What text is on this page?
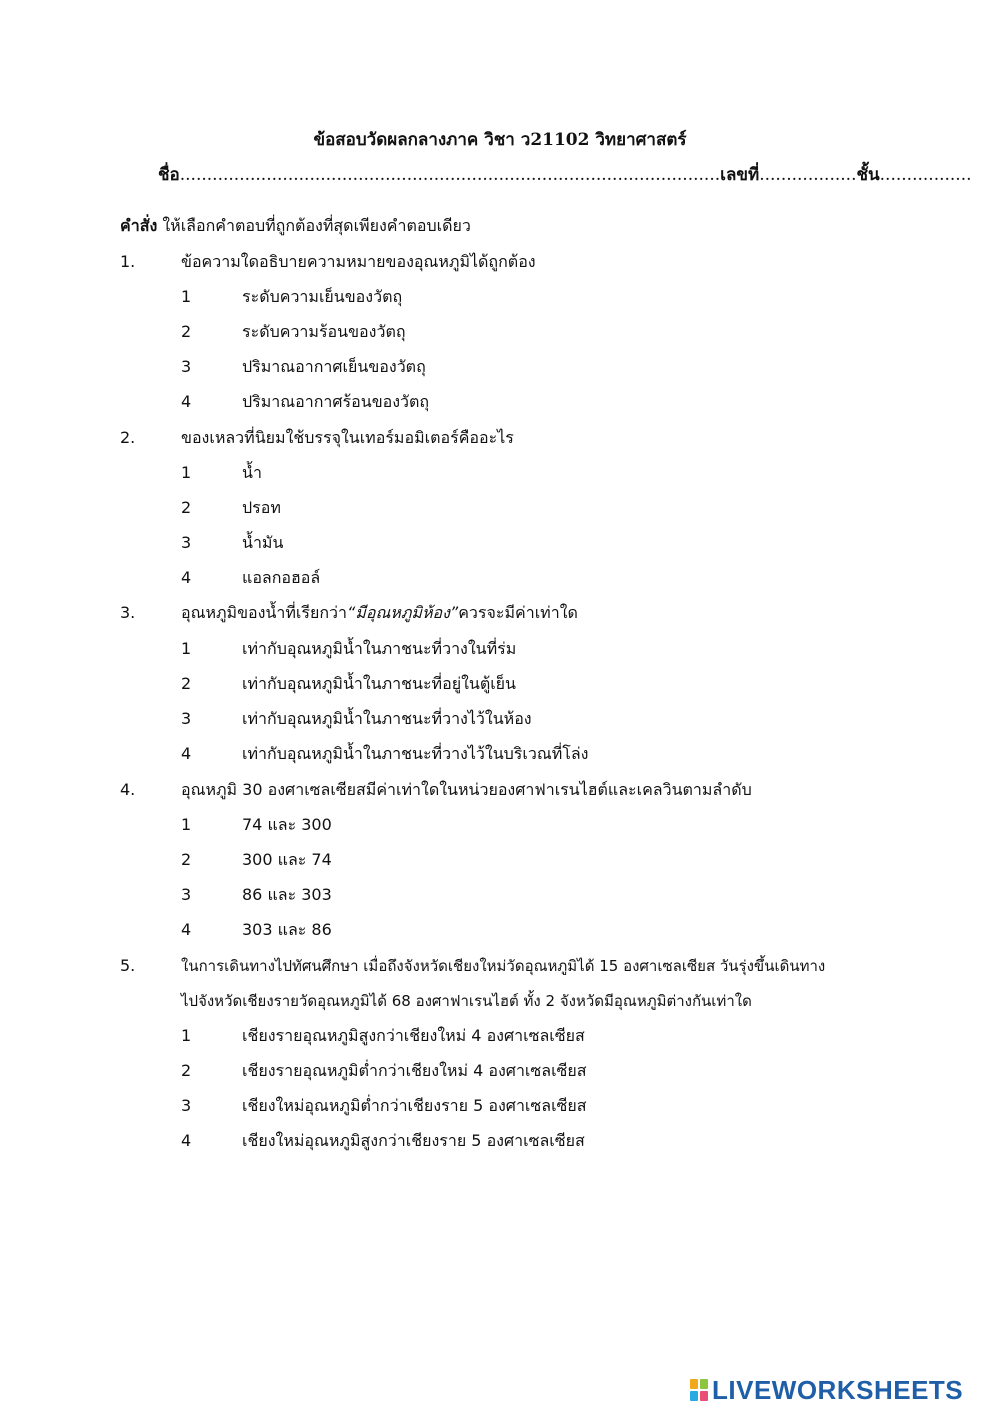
ข้อสอบวัดผลกลางภาค วิชา ว21102 วิทยาศาสตร์
ชื่อ....................................................................................................เลขที่..................ชั้น.................
คำสั่ง ให้เลือกคำตอบที่ถูกต้องที่สุดเพียงคำตอบเดียว
1.	ข้อความใดอธิบายความหมายของอุณหภูมิได้ถูกต้อง
1	ระดับความเย็นของวัตถุ
2	ระดับความร้อนของวัตถุ
3	ปริมาณอากาศเย็นของวัตถุ
4	ปริมาณอากาศร้อนของวัตถุ
2.	ของเหลวที่นิยมใช้บรรจุในเทอร์มอมิเตอร์คืออะไร
1	น้ำ
2	ปรอท
3	น้ำมัน
4	แอลกอฮอล์
3.	อุณหภูมิของน้ำที่เรียกว่า“มีอุณหภูมิห้อง”ควรจะมีค่าเท่าใด
1	เท่ากับอุณหภูมิน้ำในภาชนะที่วางในที่ร่ม
2	เท่ากับอุณหภูมิน้ำในภาชนะที่อยู่ในตู้เย็น
3	เท่ากับอุณหภูมิน้ำในภาชนะที่วางไว้ในห้อง
4	เท่ากับอุณหภูมิน้ำในภาชนะที่วางไว้ในบริเวณที่โล่ง
4.	อุณหภูมิ 30 องศาเซลเซียสมีค่าเท่าใดในหน่วยองศาฟาเรนไฮต์และเคลวินตามลำดับ
1	74 และ 300
2	300 และ 74
3	86 และ 303
4	303 และ 86
5.	ในการเดินทางไปทัศนศึกษา เมื่อถึงจังหวัดเชียงใหม่วัดอุณหภูมิได้ 15 องศาเซลเซียส วันรุ่งขึ้นเดินทาง
ไปจังหวัดเชียงรายวัดอุณหภูมิได้ 68 องศาฟาเรนไฮต์ ทั้ง 2 จังหวัดมีอุณหภูมิต่างกันเท่าใด
1	เชียงรายอุณหภูมิสูงกว่าเชียงใหม่ 4 องศาเซลเซียส
2	เชียงรายอุณหภูมิต่ำกว่าเชียงใหม่ 4 องศาเซลเซียส
3	เชียงใหม่อุณหภูมิต่ำกว่าเชียงราย 5 องศาเซลเซียส
4	เชียงใหม่อุณหภูมิสูงกว่าเชียงราย 5 องศาเซลเซียส
LIVEWORKSHEETS
